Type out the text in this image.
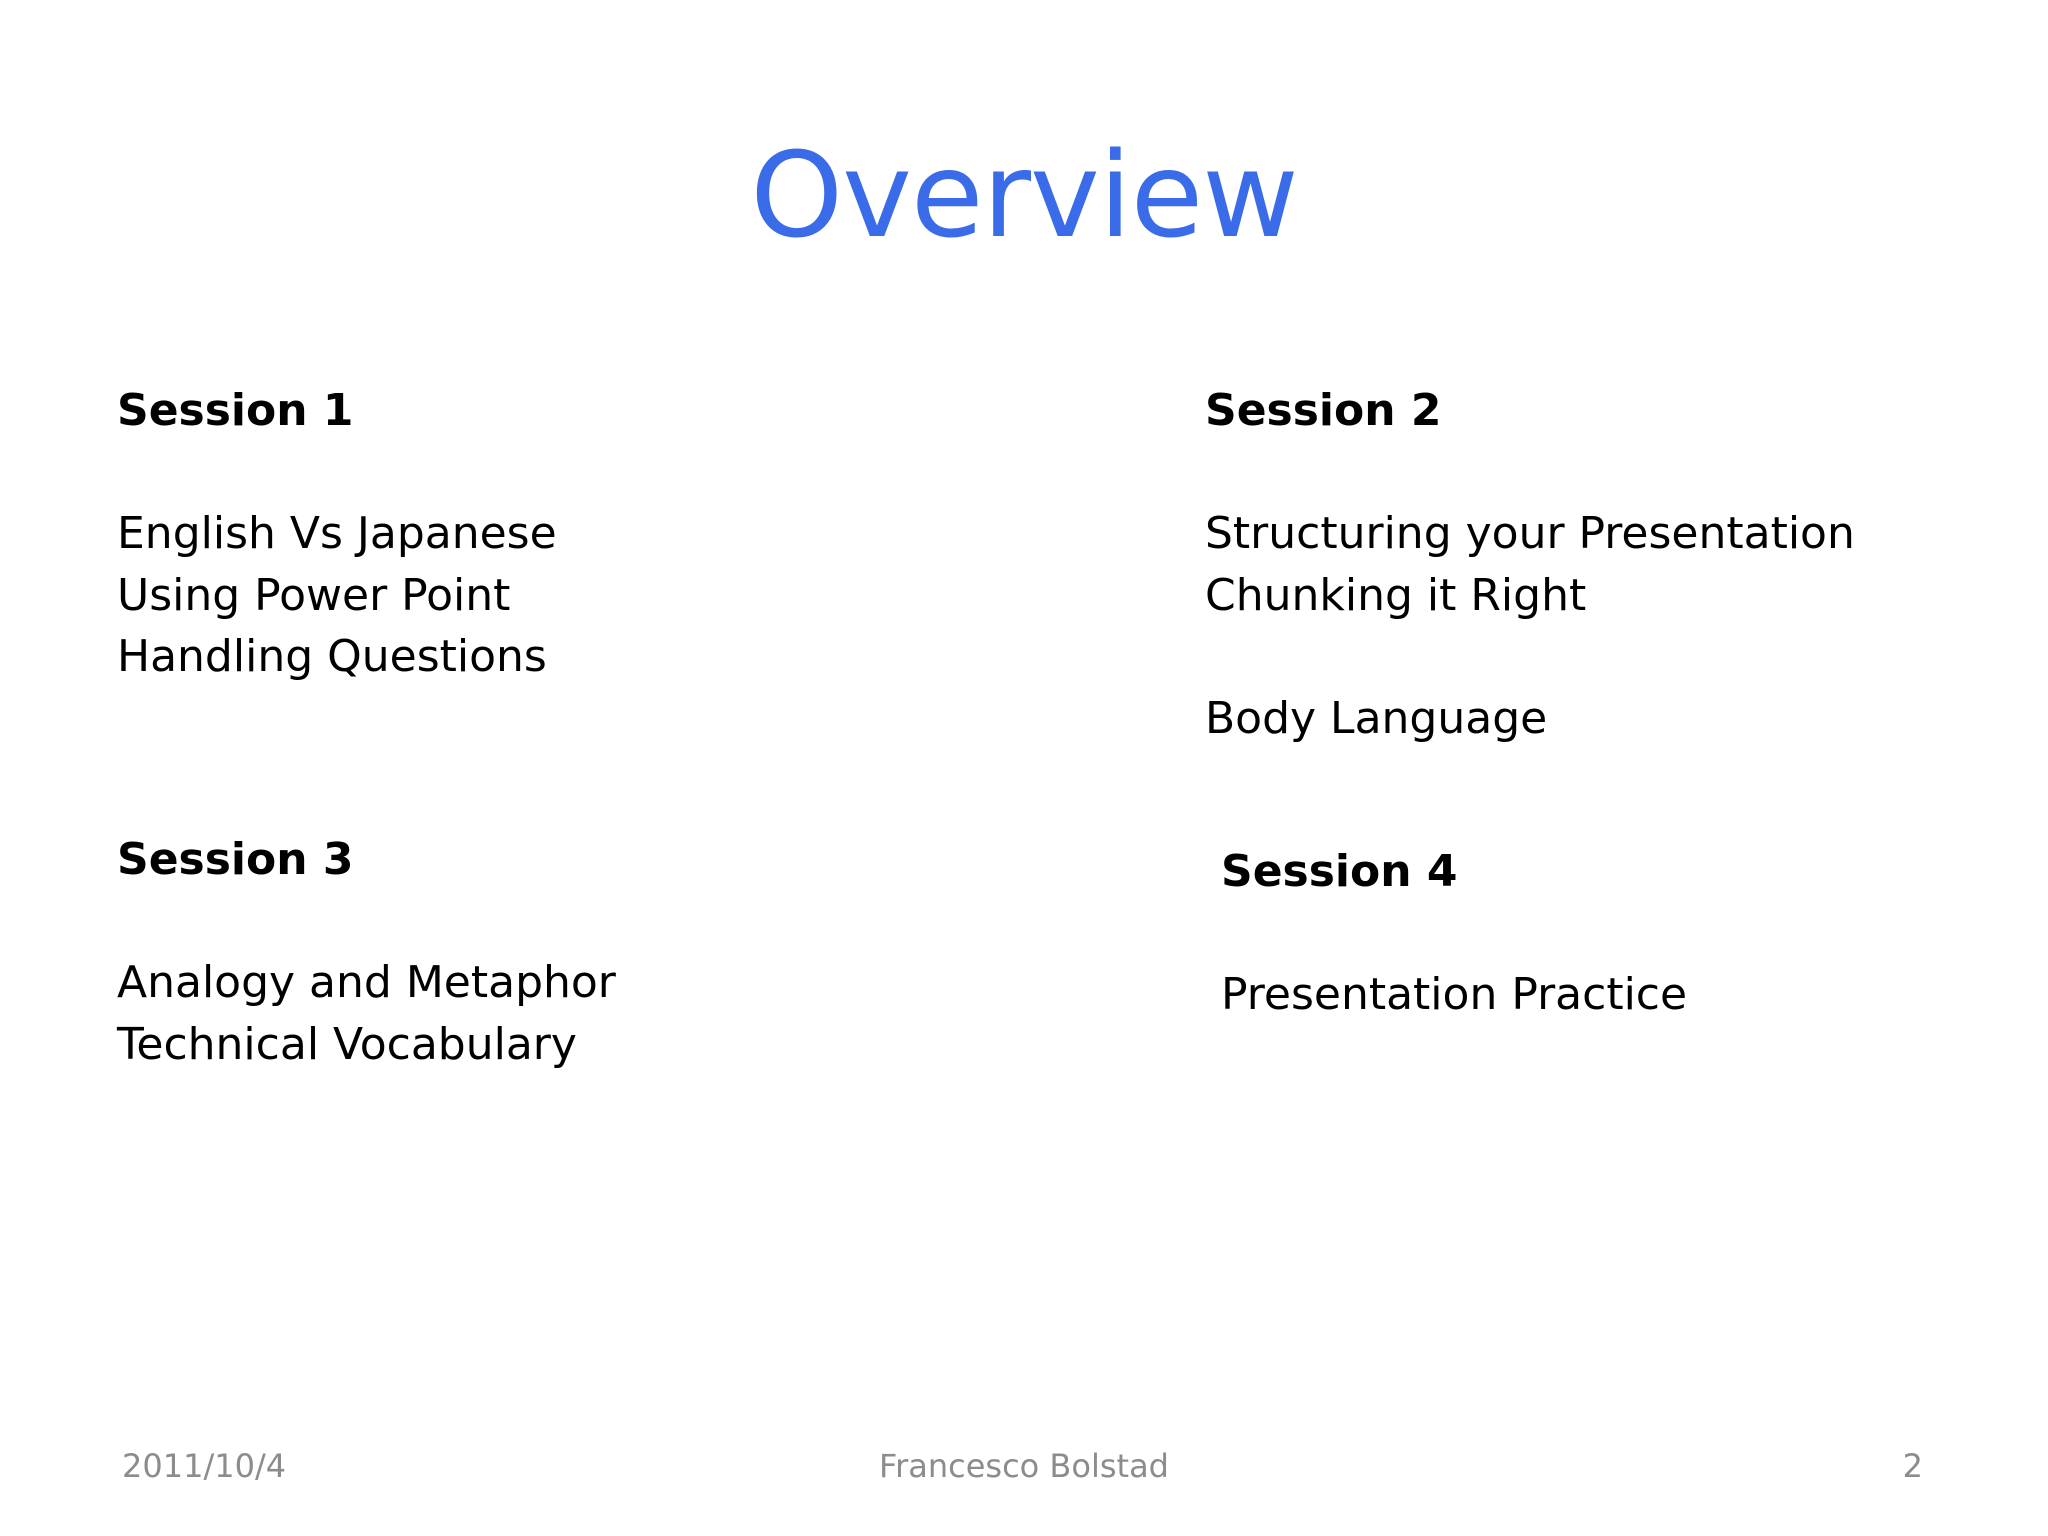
Overview
Session 1
English Vs Japanese
Using Power Point
Handling Questions
Session 2
Structuring your Presentation
Chunking it Right
Body Language
Session 3
Analogy and Metaphor
Technical Vocabulary
Session 4
Presentation Practice
2011/10/4	Francesco Bolstad	2
